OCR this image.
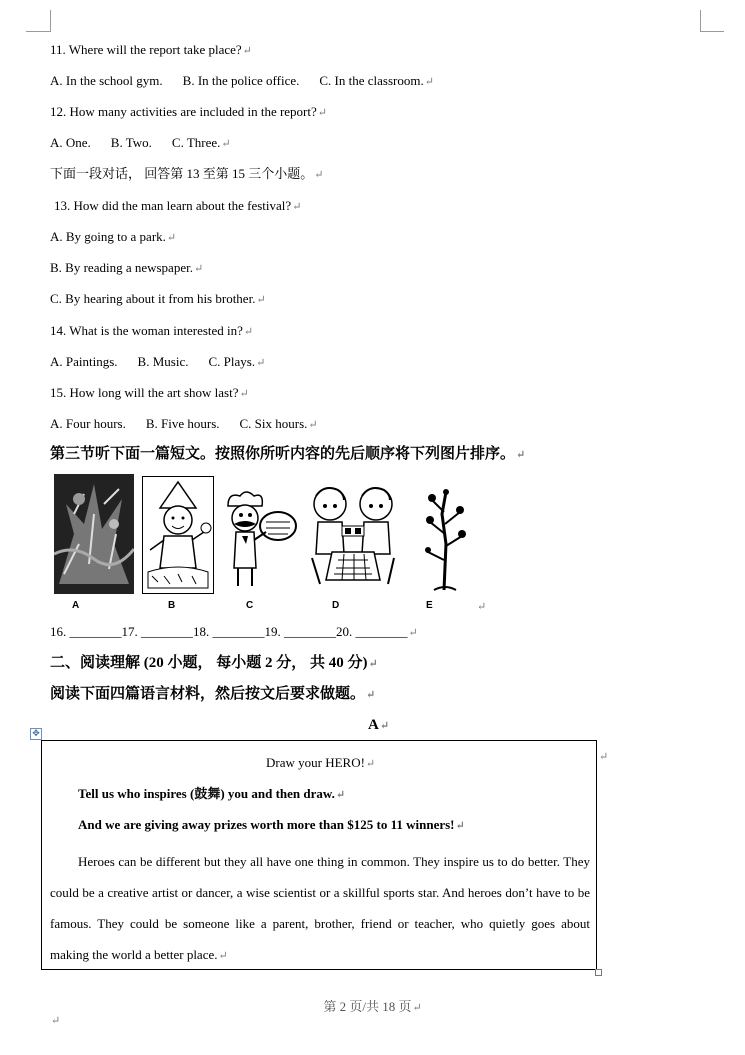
11. Where will the report take place?↵
A. In the school gym. B. In the police office. C. In the classroom.↵
12. How many activities are included in the report?↵
A. One. B. Two. C. Three.↵
下面一段对话， 回答第 13 至第 15 三个小题。↵
13. How did the man learn about the festival?↵
A. By going to a park.↵
B. By reading a newspaper.↵
C. By hearing about it from his brother.↵
14. What is the woman interested in?↵
A. Paintings. B. Music. C. Plays.↵
15. How long will the art show last?↵
A. Four hours. B. Five hours. C. Six hours.↵
第三节听下面一篇短文。按照你所听内容的先后顺序将下列图片排序。↵
A	B	C	D	E	↵
16. ________17. ________18. ________19. ________20. ________↵
二、阅读理解 (20 小题， 每小题 2 分， 共 40 分)↵
阅读下面四篇语言材料，然后按文后要求做题。↵
A↵
✥
Draw your HERO!↵
Tell us who inspires (鼓舞) you and then draw.↵
And we are giving away prizes worth more than $125 to 11 winners!↵
Heroes can be different but they all have one thing in common. They inspire us to do better. They could be a creative artist or dancer, a wise scientist or a skillful sports star. And heroes don’t have to be famous. They could be someone like a parent, brother, friend or teacher, who quietly goes about making the world a better place.↵
↵
第 2 页/共 18 页↵
↵
